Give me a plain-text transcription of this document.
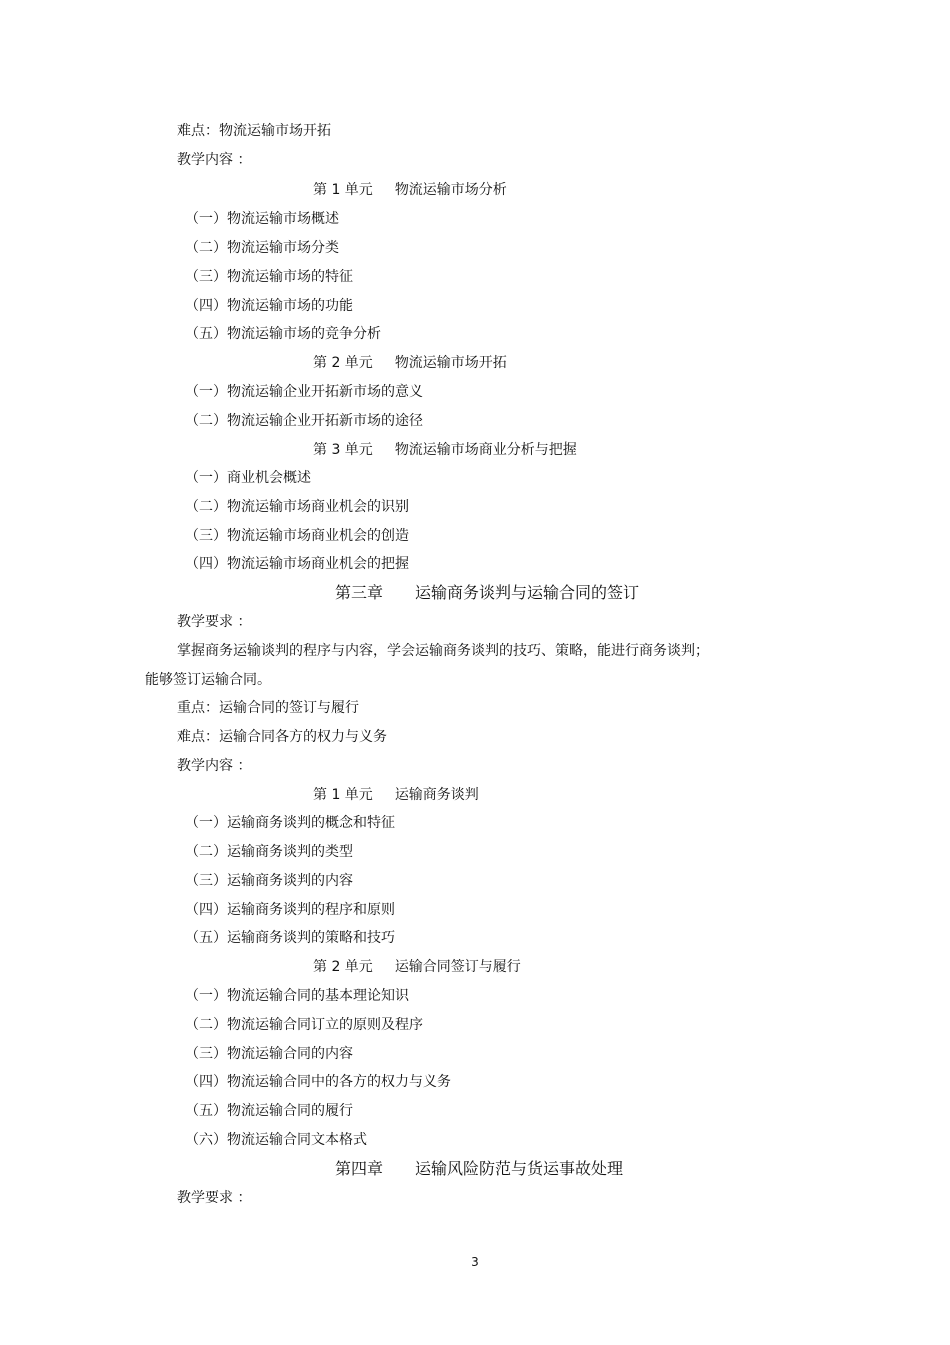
难点：物流运输市场开拓
教学内容 ：
第 1 单元 物流运输市场分析
（一）物流运输市场概述
（二）物流运输市场分类
（三）物流运输市场的特征
（四）物流运输市场的功能
（五）物流运输市场的竞争分析
第 2 单元 物流运输市场开拓
（一）物流运输企业开拓新市场的意义
（二）物流运输企业开拓新市场的途径
第 3 单元 物流运输市场商业分析与把握
（一）商业机会概述
（二）物流运输市场商业机会的识别
（三）物流运输市场商业机会的创造
（四）物流运输市场商业机会的把握
第三章 运输商务谈判与运输合同的签订
教学要求 ：
掌握商务运输谈判的程序与内容，学会运输商务谈判的技巧、策略，能进行商务谈判；
能够签订运输合同。
重点：运输合同的签订与履行
难点：运输合同各方的权力与义务
教学内容 ：
第 1 单元 运输商务谈判
（一）运输商务谈判的概念和特征
（二）运输商务谈判的类型
（三）运输商务谈判的内容
（四）运输商务谈判的程序和原则
（五）运输商务谈判的策略和技巧
第 2 单元 运输合同签订与履行
（一）物流运输合同的基本理论知识
（二）物流运输合同订立的原则及程序
（三）物流运输合同的内容
（四）物流运输合同中的各方的权力与义务
（五）物流运输合同的履行
（六）物流运输合同文本格式
第四章 运输风险防范与货运事故处理
教学要求 ：
3
